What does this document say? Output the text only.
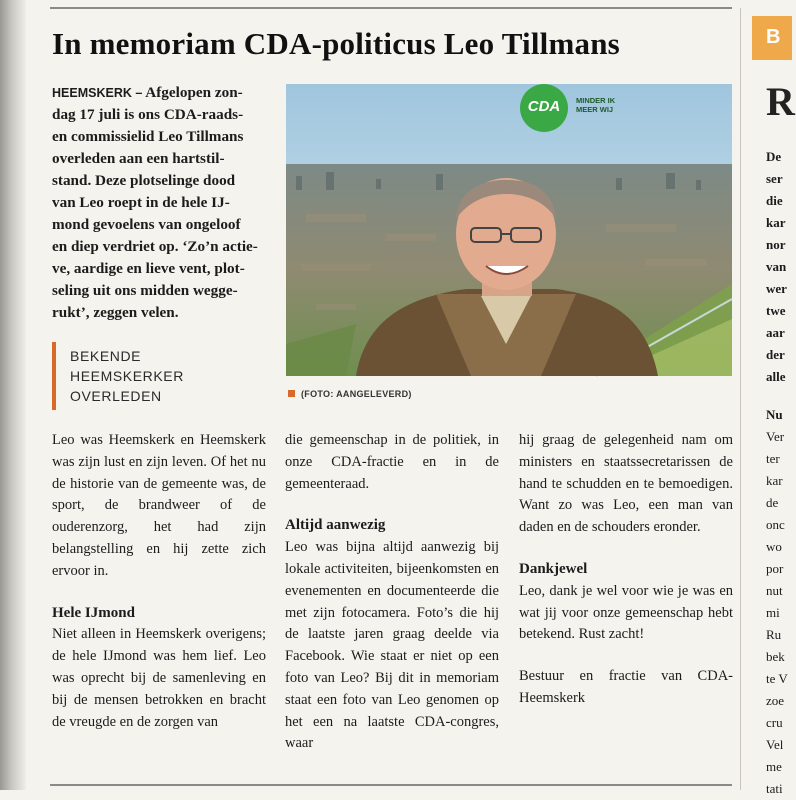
In memoriam CDA-politicus Leo Tillmans
HEEMSKERK – Afgelopen zon-
dag 17 juli is ons CDA-raads-
en commissielid Leo Tillmans
overleden aan een hartstil-
stand. Deze plotselinge dood
van Leo roept in de hele IJ-
mond gevoelens van ongeloof
en diep verdriet op. ‘Zo’n actie-
ve, aardige en lieve vent, plot-
seling uit ons midden wegge-
rukt’, zeggen velen.
BEKENDE
HEEMSKERKER
OVERLEDEN
CDA	MINDER IK
MEER WIJ
(FOTO: AANGELEVERD)

Leo was Heemskerk en Heemskerk was zijn lust en zijn leven. Of het nu de historie van de gemeente was, de sport, de brandweer of de ouderenzorg, het had zijn belangstelling en hij zette zich ervoor in.

Hele IJmond

Niet alleen in Heemskerk overigens; de hele IJmond was hem lief. Leo was oprecht bij de samenleving en bij de mensen betrokken en bracht de vreugde en de zorgen van

die gemeenschap in de politiek, in onze CDA-fractie en in de gemeenteraad.

Altijd aanwezig

Leo was bijna altijd aanwezig bij lokale activiteiten, bijeenkomsten en evenementen en documenteerde die met zijn fotocamera. Foto’s die hij de laatste jaren graag deelde via Facebook. Wie staat er niet op een foto van Leo? Bij dit in memoriam staat een foto van Leo genomen op het een na laatste CDA-congres, waar

hij graag de gelegenheid nam om ministers en staatssecretarissen de hand te schudden en te bemoedigen. Want zo was Leo, een man van daden en de schouders eronder.

Dankjewel

Leo, dank je wel voor wie je was en wat jij voor onze gemeenschap hebt betekend. Rust zacht!

Bestuur en fractie van CDA-Heemskerk

B
R
De
ser
die
kar
nor
van
wer
twe
aar
der
alle
Nu
Ver
ter
kar
de
onc
wo
por
nut
mi
Ru
bek
te V
zoe
cru
Vel
me
tati
